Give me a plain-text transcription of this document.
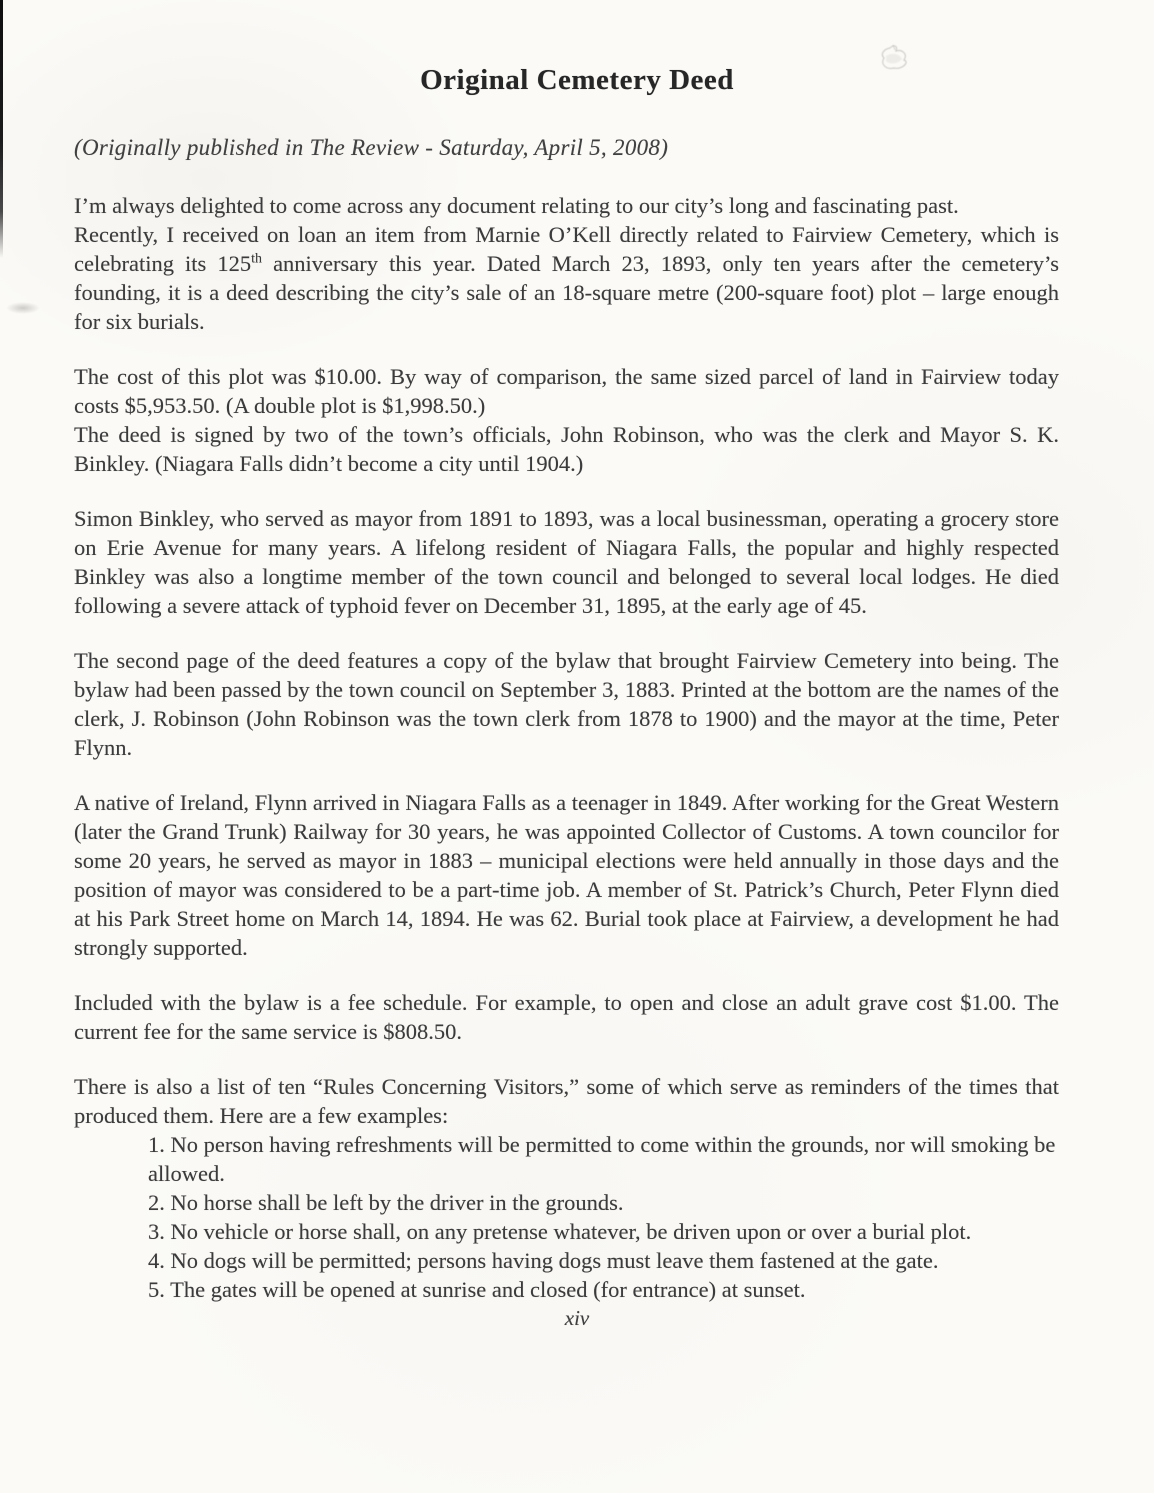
Original Cemetery Deed

(Originally published in The Review - Saturday, April 5, 2008)

I’m always delighted to come across any document relating to our city’s long and fascinating past.

Recently, I received on loan an item from Marnie O’Kell directly related to Fairview Cemetery, which is celebrating its 125th anniversary this year. Dated March 23, 1893, only ten years after the cemetery’s founding, it is a deed describing the city’s sale of an 18-square metre (200-square foot) plot – large enough for six burials.

The cost of this plot was $10.00. By way of comparison, the same sized parcel of land in Fairview today costs $5,953.50. (A double plot is $1,998.50.)

The deed is signed by two of the town’s officials, John Robinson, who was the clerk and Mayor S. K. Binkley. (Niagara Falls didn’t become a city until 1904.)

Simon Binkley, who served as mayor from 1891 to 1893, was a local businessman, operating a grocery store on Erie Avenue for many years. A lifelong resident of Niagara Falls, the popular and highly respected Binkley was also a longtime member of the town council and belonged to several local lodges. He died following a severe attack of typhoid fever on December 31, 1895, at the early age of 45.

The second page of the deed features a copy of the bylaw that brought Fairview Cemetery into being. The bylaw had been passed by the town council on September 3, 1883. Printed at the bottom are the names of the clerk, J. Robinson (John Robinson was the town clerk from 1878 to 1900) and the mayor at the time, Peter Flynn.

A native of Ireland, Flynn arrived in Niagara Falls as a teenager in 1849. After working for the Great Western (later the Grand Trunk) Railway for 30 years, he was appointed Collector of Customs. A town councilor for some 20 years, he served as mayor in 1883 – municipal elections were held annually in those days and the position of mayor was considered to be a part-time job. A member of St. Patrick’s Church, Peter Flynn died at his Park Street home on March 14, 1894. He was 62. Burial took place at Fairview, a development he had strongly supported.

Included with the bylaw is a fee schedule. For example, to open and close an adult grave cost $1.00. The current fee for the same service is $808.50.

There is also a list of ten “Rules Concerning Visitors,” some of which serve as reminders of the times that produced them. Here are a few examples:

1. No person having refreshments will be permitted to come within the grounds, nor will smoking be allowed.

2. No horse shall be left by the driver in the grounds.

3. No vehicle or horse shall, on any pretense whatever, be driven upon or over a burial plot.

4. No dogs will be permitted; persons having dogs must leave them fastened at the gate.

5. The gates will be opened at sunrise and closed (for entrance) at sunset.

xiv
